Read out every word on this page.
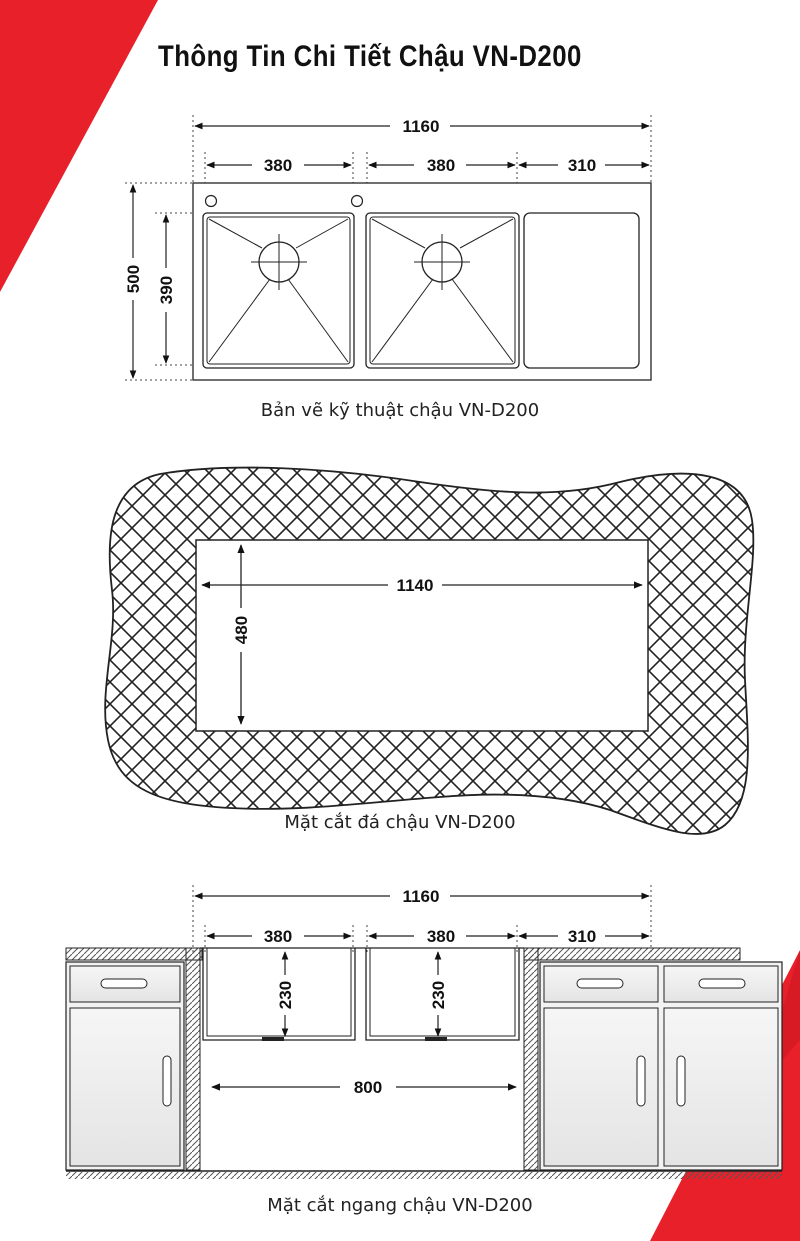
Thông Tin Chi Tiết Chậu VN-D200
1160
380	380	310
500 390
Bản vẽ kỹ thuật chậu VN-D200
1140
480
Mặt cắt đá chậu VN-D200
1160
380	380	310
230	230
800
Mặt cắt ngang chậu VN-D200
